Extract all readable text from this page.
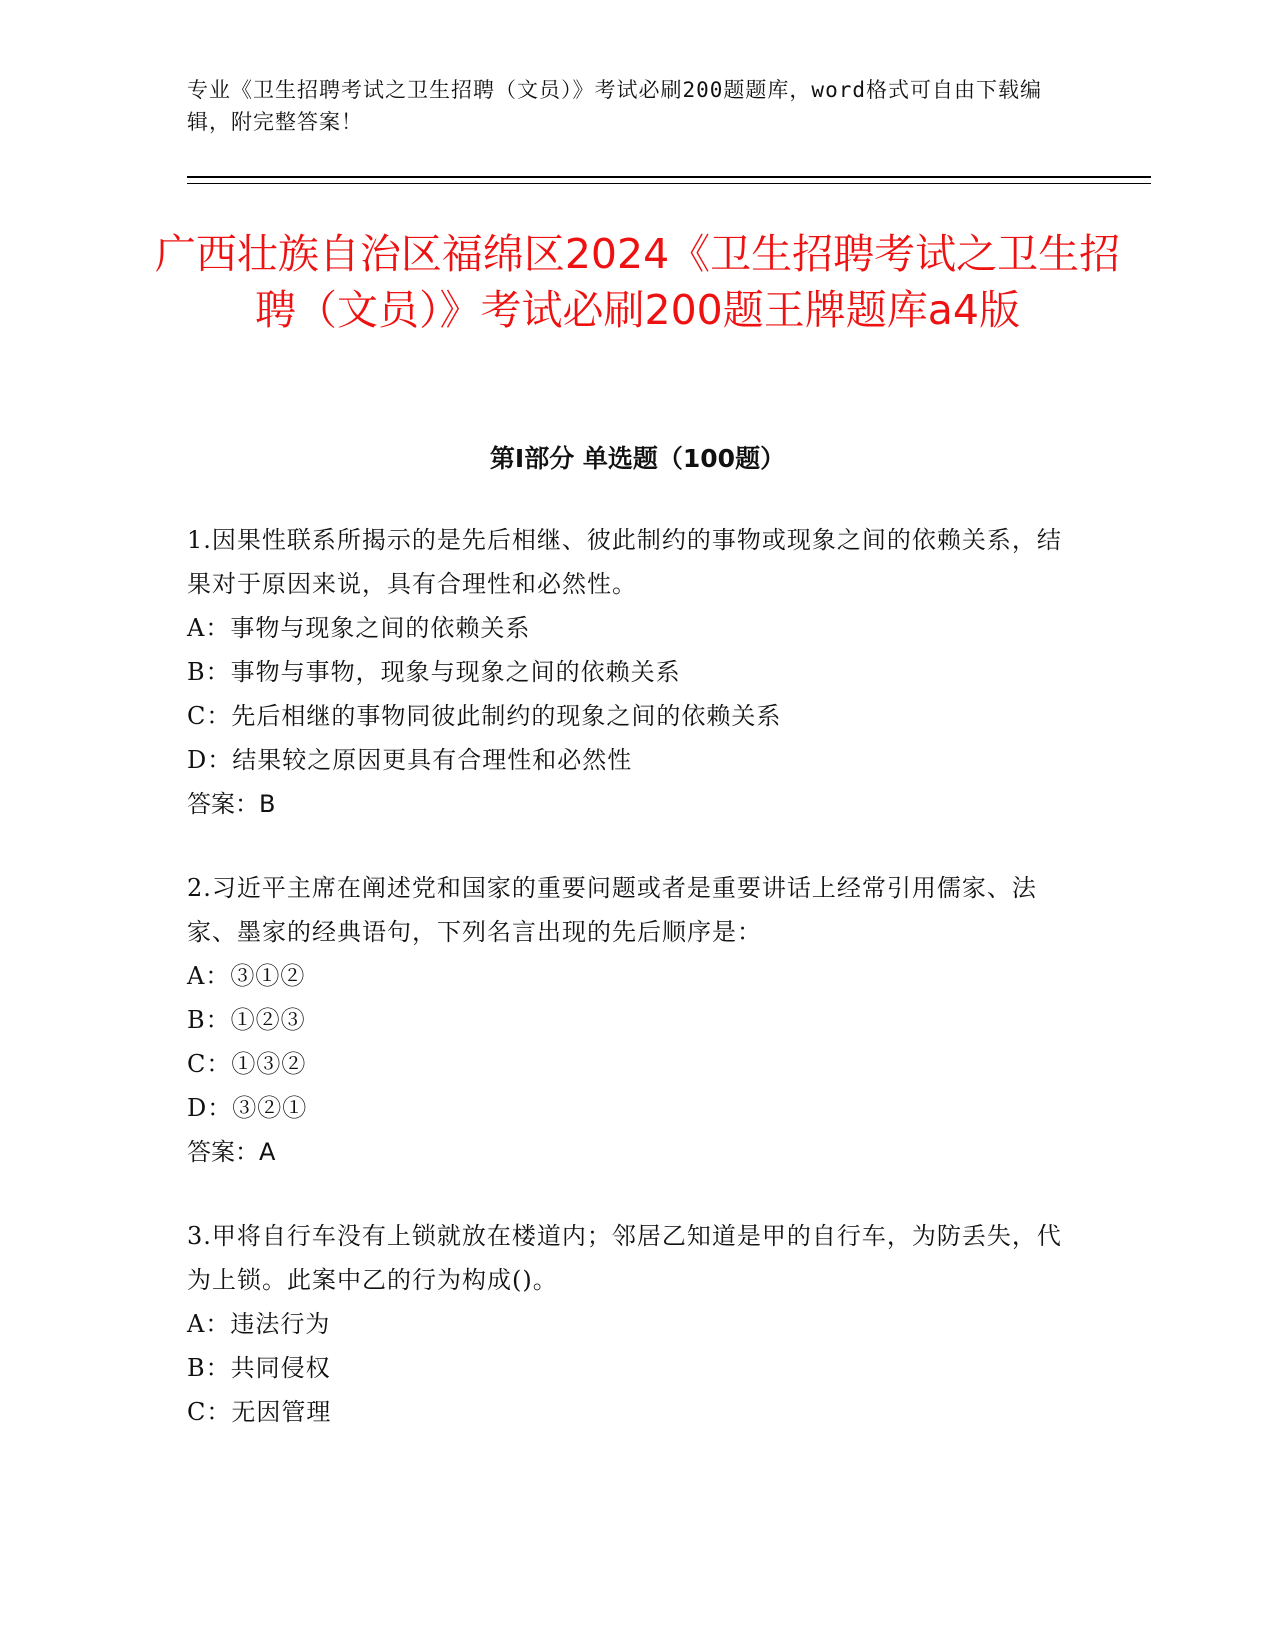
专业《卫生招聘考试之卫生招聘（文员）》考试必刷200题题库，word格式可自由下载编辑，附完整答案！

广西壮族自治区福绵区2024《卫生招聘考试之卫生招聘（文员）》考试必刷200题王牌题库a4版
第I部分 单选题（100题）

1.因果性联系所揭示的是先后相继、彼此制约的事物或现象之间的依赖关系，结果对于原因来说，具有合理性和必然性。

A：事物与现象之间的依赖关系

B：事物与事物，现象与现象之间的依赖关系

C：先后相继的事物同彼此制约的现象之间的依赖关系

D：结果较之原因更具有合理性和必然性

答案：B

2.习近平主席在阐述党和国家的重要问题或者是重要讲话上经常引用儒家、法家、墨家的经典语句，下列名言出现的先后顺序是：

A：③①②

B：①②③

C：①③②

D：③②①

答案：A

3.甲将自行车没有上锁就放在楼道内；邻居乙知道是甲的自行车，为防丢失，代为上锁。此案中乙的行为构成()。

A：违法行为

B：共同侵权

C：无因管理
